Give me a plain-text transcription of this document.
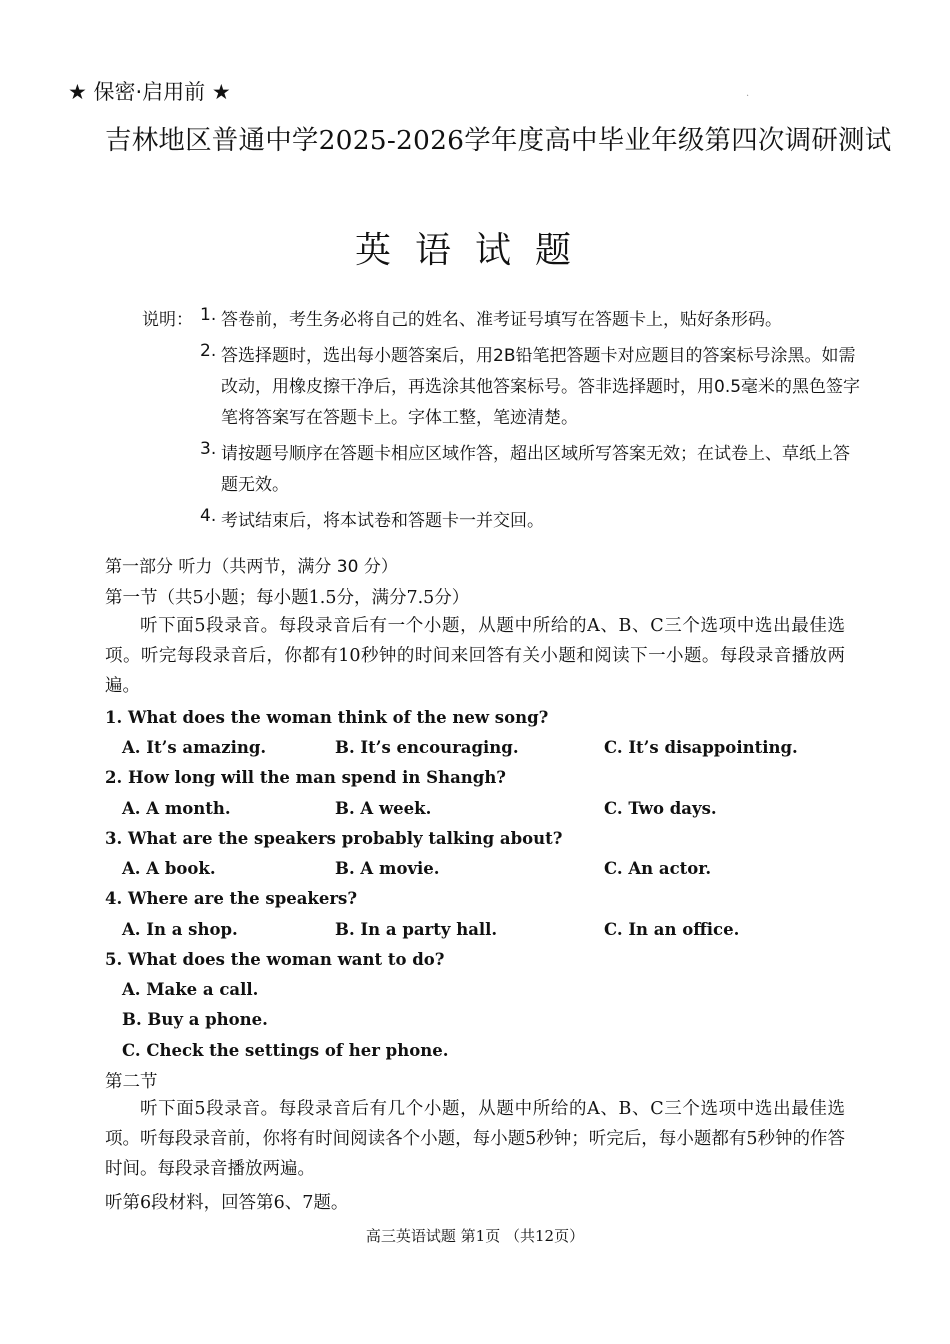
★ 保密·启用前 ★	.
吉林地区普通中学2025-2026学年度高中毕业年级第四次调研测试
英语试题
说明： 1. 答卷前，考生务必将自己的姓名、准考证号填写在答题卡上，贴好条形码。
2. 答选择题时，选出每小题答案后，用2B铅笔把答题卡对应题目的答案标号涂黑。如需改动，用橡皮擦干净后，再选涂其他答案标号。答非选择题时，用0.5毫米的黑色签字笔将答案写在答题卡上。字体工整，笔迹清楚。
3. 请按题号顺序在答题卡相应区域作答，超出区域所写答案无效；在试卷上、草纸上答题无效。
4. 考试结束后，将本试卷和答题卡一并交回。
第一部分 听力（共两节，满分 30 分）
第一节（共5小题；每小题1.5分，满分7.5分）
听下面5段录音。每段录音后有一个小题，从题中所给的A、B、C三个选项中选出最佳选项。听完每段录音后，你都有10秒钟的时间来回答有关小题和阅读下一小题。每段录音播放两遍。
1. What does the woman think of the new song?
A. It’s amazing.	B. It’s encouraging.	C. It’s disappointing.
2. How long will the man spend in Shangh?
A. A month.	B. A week.	C. Two days.
3. What are the speakers probably talking about?
A. A book.	B. A movie.	C. An actor.
4. Where are the speakers?
A. In a shop.	B. In a party hall.	C. In an office.
5. What does the woman want to do?
A. Make a call.
B. Buy a phone.
C. Check the settings of her phone.
第二节
听下面5段录音。每段录音后有几个小题，从题中所给的A、B、C三个选项中选出最佳选项。听每段录音前，你将有时间阅读各个小题，每小题5秒钟；听完后，每小题都有5秒钟的作答时间。每段录音播放两遍。
听第6段材料，回答第6、7题。
高三英语试题 第1页 （共12页）
